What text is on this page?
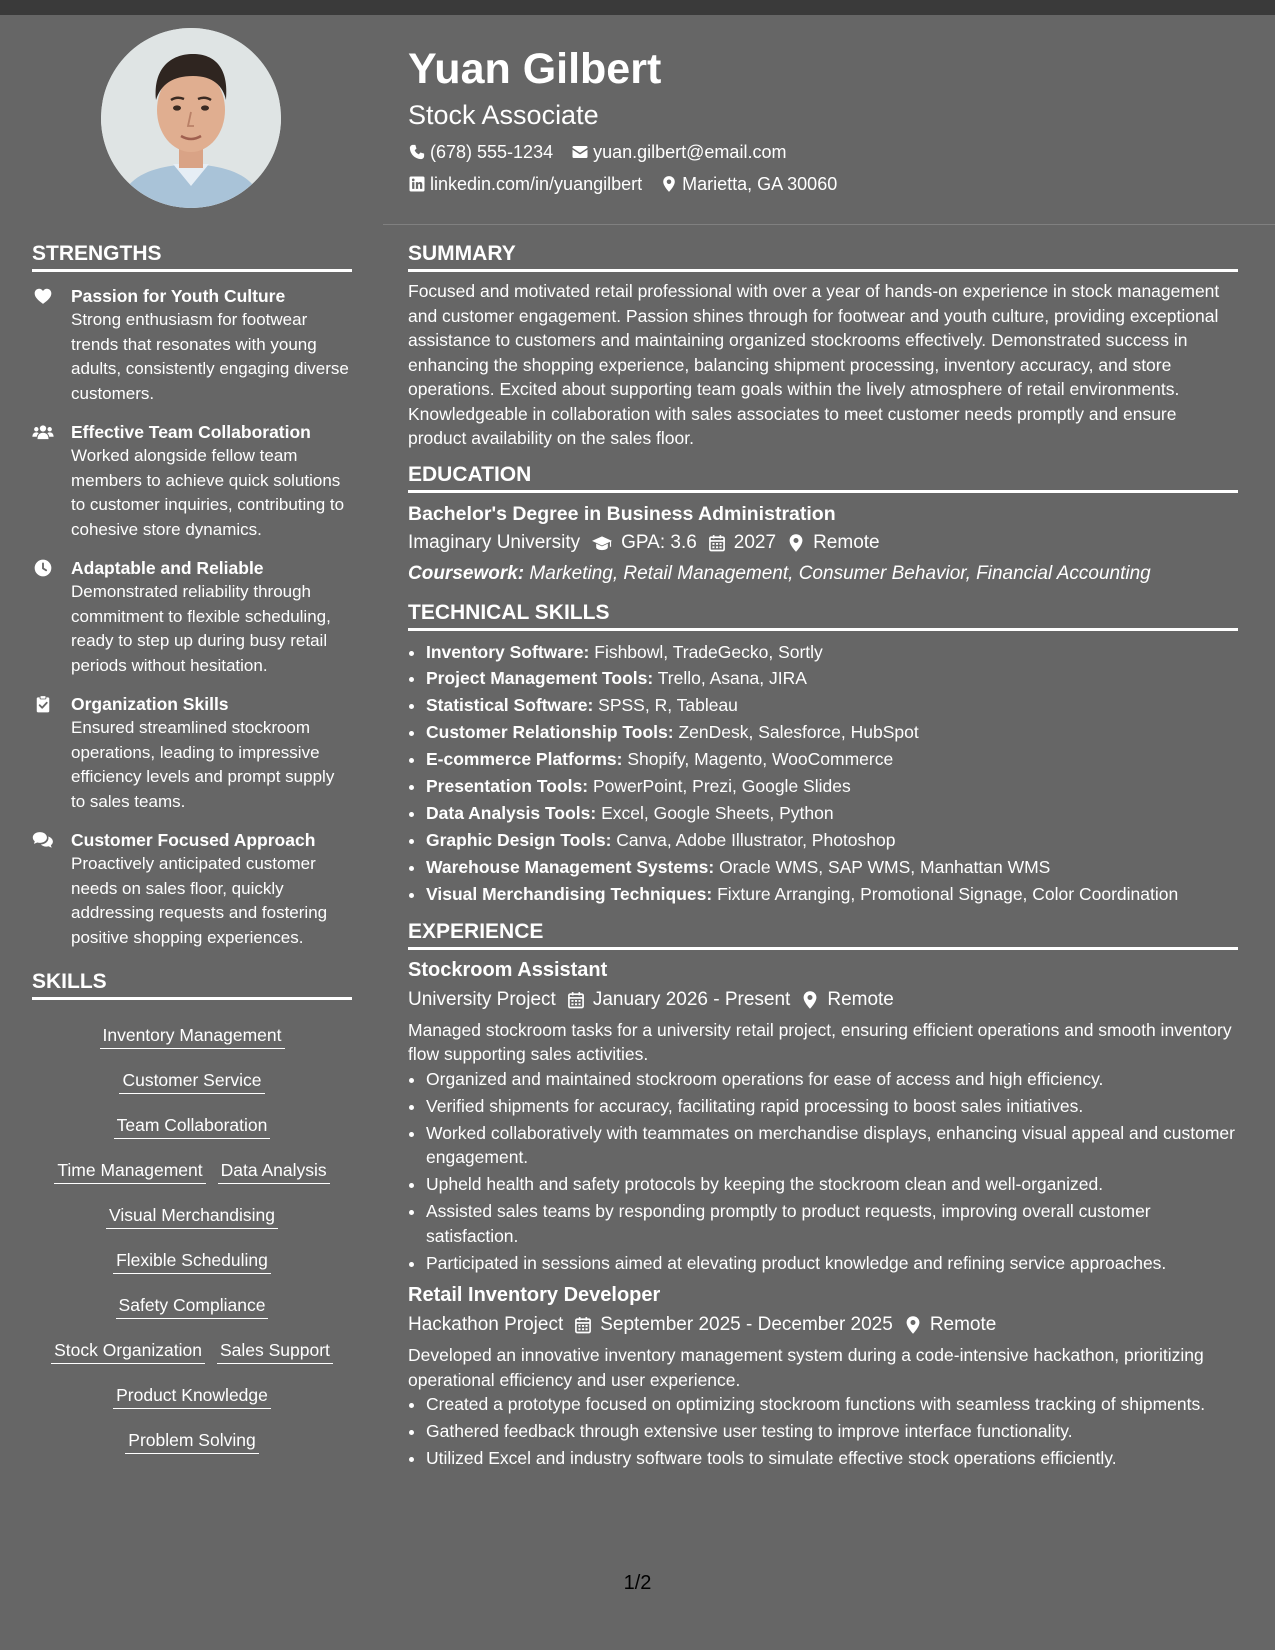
Yuan Gilbert
Stock Associate
(678) 555-1234 yuan.gilbert@email.com
linkedin.com/in/yuangilbert Marietta, GA 30060
STRENGTHS
Passion for Youth Culture
Strong enthusiasm for footwear trends that resonates with young adults, consistently engaging diverse customers.
Effective Team Collaboration
Worked alongside fellow team members to achieve quick solutions to customer inquiries, contributing to cohesive store dynamics.
Adaptable and Reliable
Demonstrated reliability through commitment to flexible scheduling, ready to step up during busy retail periods without hesitation.
Organization Skills
Ensured streamlined stockroom operations, leading to impressive efficiency levels and prompt supply to sales teams.
Customer Focused Approach
Proactively anticipated customer needs on sales floor, quickly addressing requests and fostering positive shopping experiences.
SKILLS
Inventory Management
Customer Service
Team Collaboration
Time Management Data Analysis
Visual Merchandising
Flexible Scheduling
Safety Compliance
Stock Organization Sales Support
Product Knowledge
Problem Solving
SUMMARY
Focused and motivated retail professional with over a year of hands-on experience in stock management and customer engagement. Passion shines through for footwear and youth culture, providing exceptional assistance to customers and maintaining organized stockrooms effectively. Demonstrated success in enhancing the shopping experience, balancing shipment processing, inventory accuracy, and store operations. Excited about supporting team goals within the lively atmosphere of retail environments. Knowledgeable in collaboration with sales associates to meet customer needs promptly and ensure product availability on the sales floor.
EDUCATION
Bachelor's Degree in Business Administration
Imaginary University GPA: 3.6 2027 Remote
Coursework: Marketing, Retail Management, Consumer Behavior, Financial Accounting
TECHNICAL SKILLS
• Inventory Software: Fishbowl, TradeGecko, Sortly
• Project Management Tools: Trello, Asana, JIRA
• Statistical Software: SPSS, R, Tableau
• Customer Relationship Tools: ZenDesk, Salesforce, HubSpot
• E-commerce Platforms: Shopify, Magento, WooCommerce
• Presentation Tools: PowerPoint, Prezi, Google Slides
• Data Analysis Tools: Excel, Google Sheets, Python
• Graphic Design Tools: Canva, Adobe Illustrator, Photoshop
• Warehouse Management Systems: Oracle WMS, SAP WMS, Manhattan WMS
• Visual Merchandising Techniques: Fixture Arranging, Promotional Signage, Color Coordination
EXPERIENCE
Stockroom Assistant
University Project January 2026 - Present Remote
Managed stockroom tasks for a university retail project, ensuring efficient operations and smooth inventory flow supporting sales activities.
• Organized and maintained stockroom operations for ease of access and high efficiency.
• Verified shipments for accuracy, facilitating rapid processing to boost sales initiatives.
• Worked collaboratively with teammates on merchandise displays, enhancing visual appeal and customer engagement.
• Upheld health and safety protocols by keeping the stockroom clean and well-organized.
• Assisted sales teams by responding promptly to product requests, improving overall customer satisfaction.
• Participated in sessions aimed at elevating product knowledge and refining service approaches.
Retail Inventory Developer
Hackathon Project September 2025 - December 2025 Remote
Developed an innovative inventory management system during a code-intensive hackathon, prioritizing operational efficiency and user experience.
• Created a prototype focused on optimizing stockroom functions with seamless tracking of shipments.
• Gathered feedback through extensive user testing to improve interface functionality.
• Utilized Excel and industry software tools to simulate effective stock operations efficiently.
1/2
